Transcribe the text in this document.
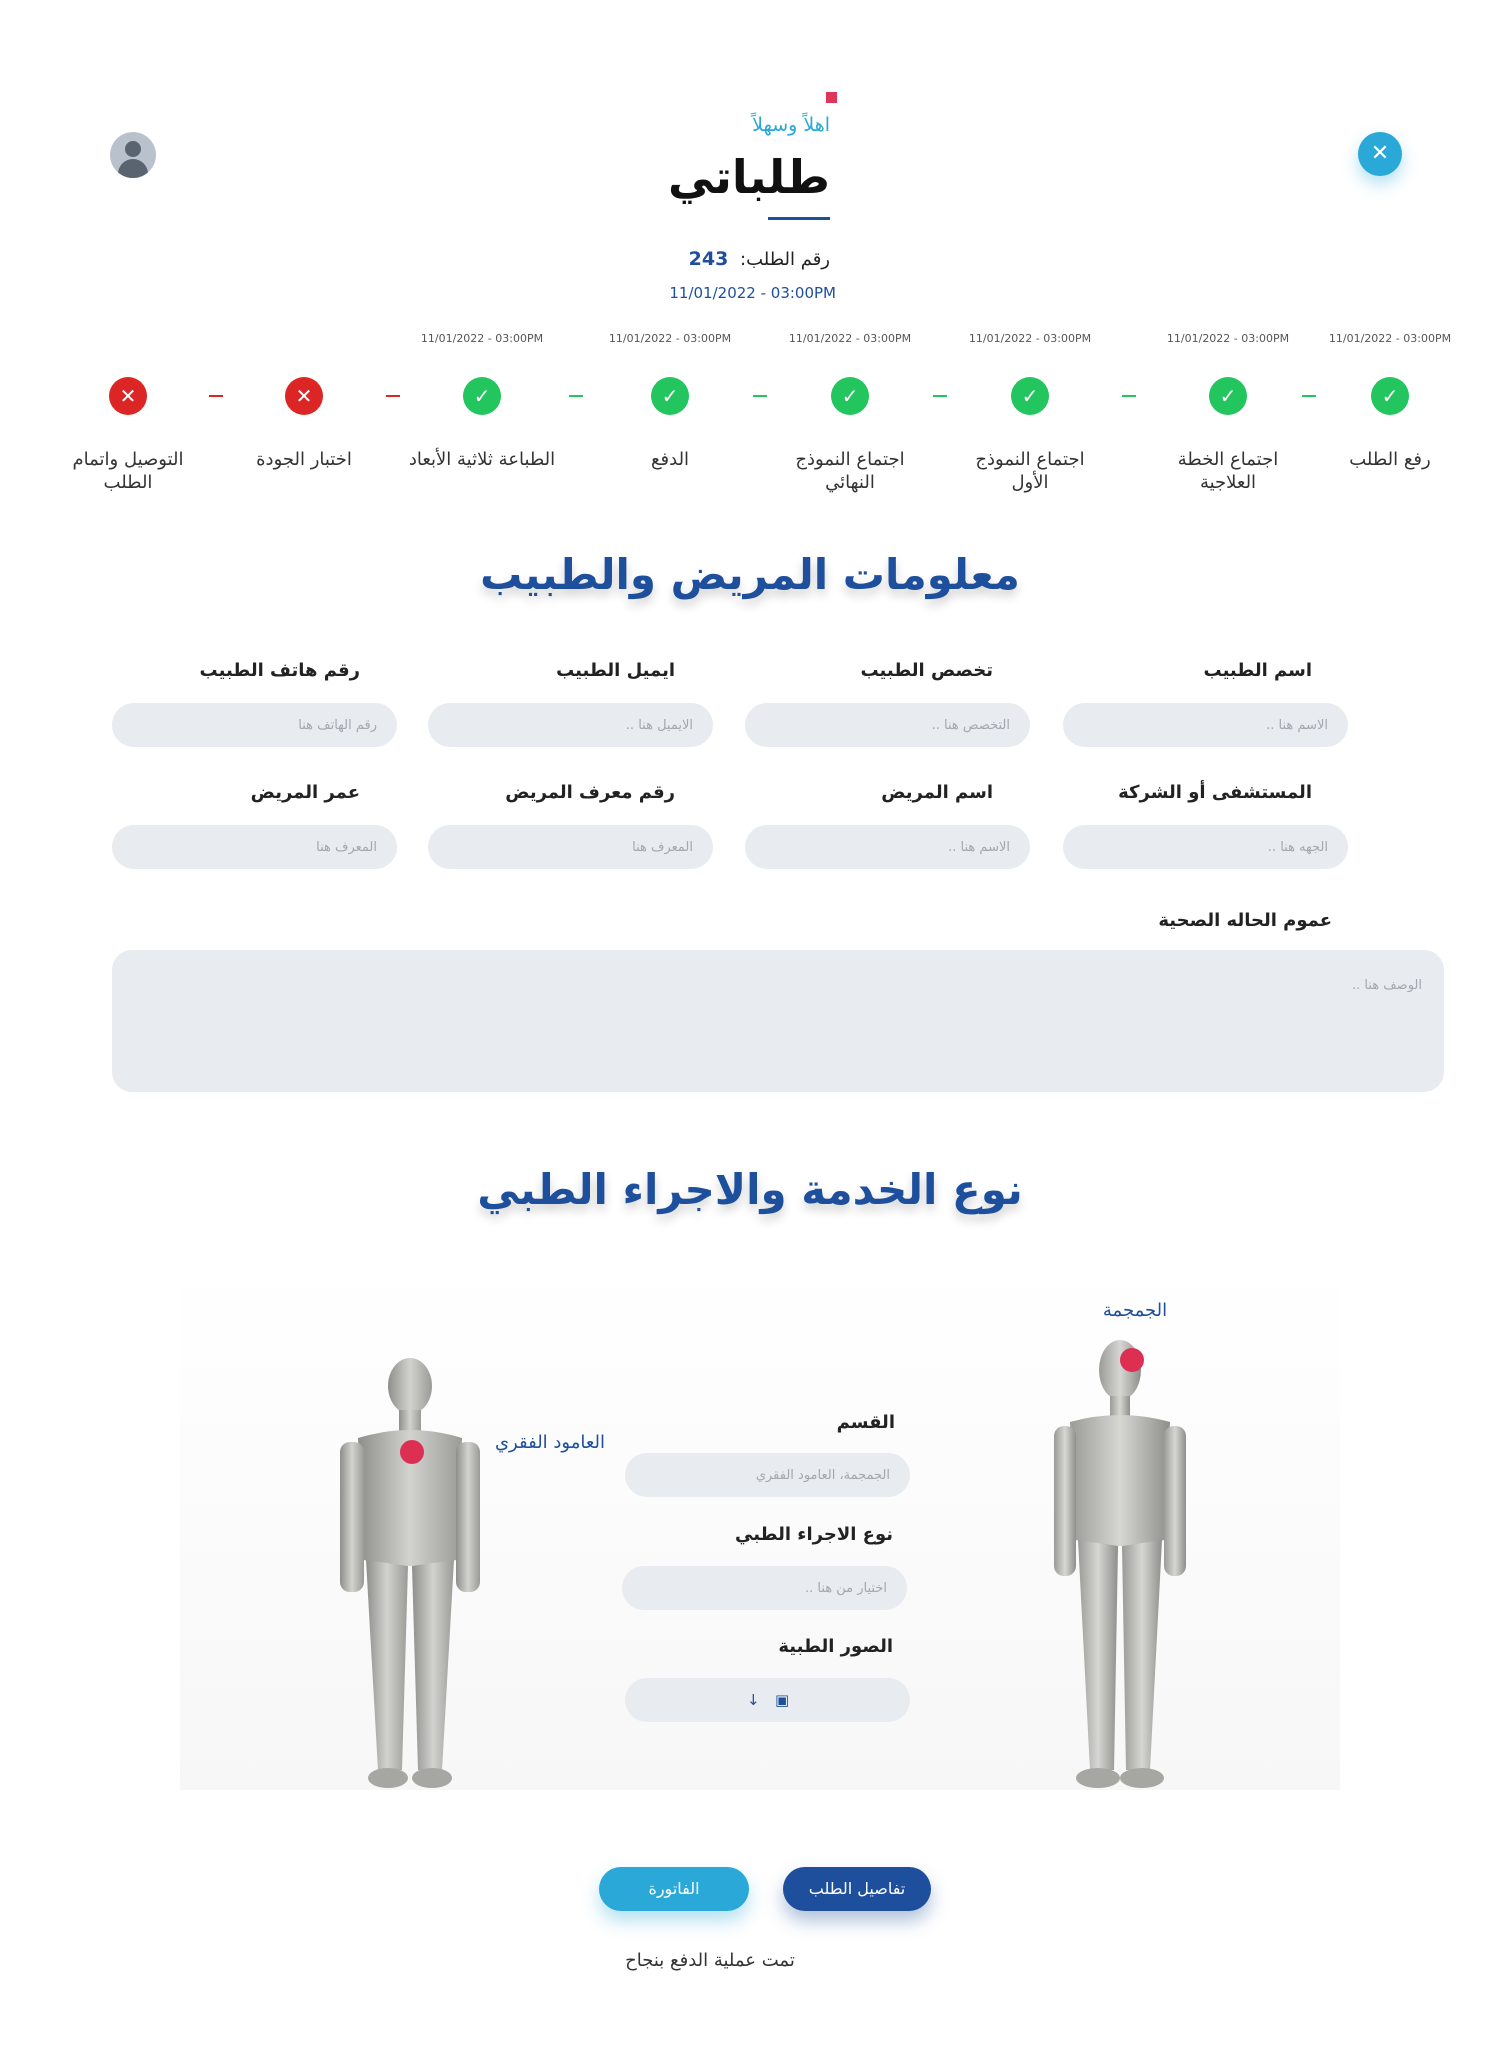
✕
اهلاً وسهلاً
طلباتي
رقم الطلب: 243
11/01/2022 - 03:00PM
11/01/2022 - 03:00PM
✓
رفع الطلب
11/01/2022 - 03:00PM
✓
اجتماع الخطة العلاجية
11/01/2022 - 03:00PM
✓
اجتماع النموذج الأول
11/01/2022 - 03:00PM
✓
اجتماع النموذج النهائي
11/01/2022 - 03:00PM
✓
الدفع
11/01/2022 - 03:00PM
✓
الطباعة ثلاثية الأبعاد
✕
اختبار الجودة
✕
التوصيل واتمام الطلب
معلومات المريض والطبيب
اسم الطبيب
الاسم هنا ..
تخصص الطبيب
التخصص هنا ..
ايميل الطبيب
الايميل هنا ..
رقم هاتف الطبيب
رقم الهاتف هنا
المستشفى أو الشركة
الجهه هنا ..
اسم المريض
الاسم هنا ..
رقم معرف المريض
المعرف هنا
عمر المريض
المعرف هنا
عموم الحاله الصحية
الوصف هنا ..
نوع الخدمة والاجراء الطبي
الجمجمة
العامود الفقري
القسم
الجمجمة، العامود الفقري
نوع الاجراء الطبي
اختيار من هنا ..
الصور الطبية
▣
↓
تفاصيل الطلب
الفاتورة
تمت عملية الدفع بنجاح
